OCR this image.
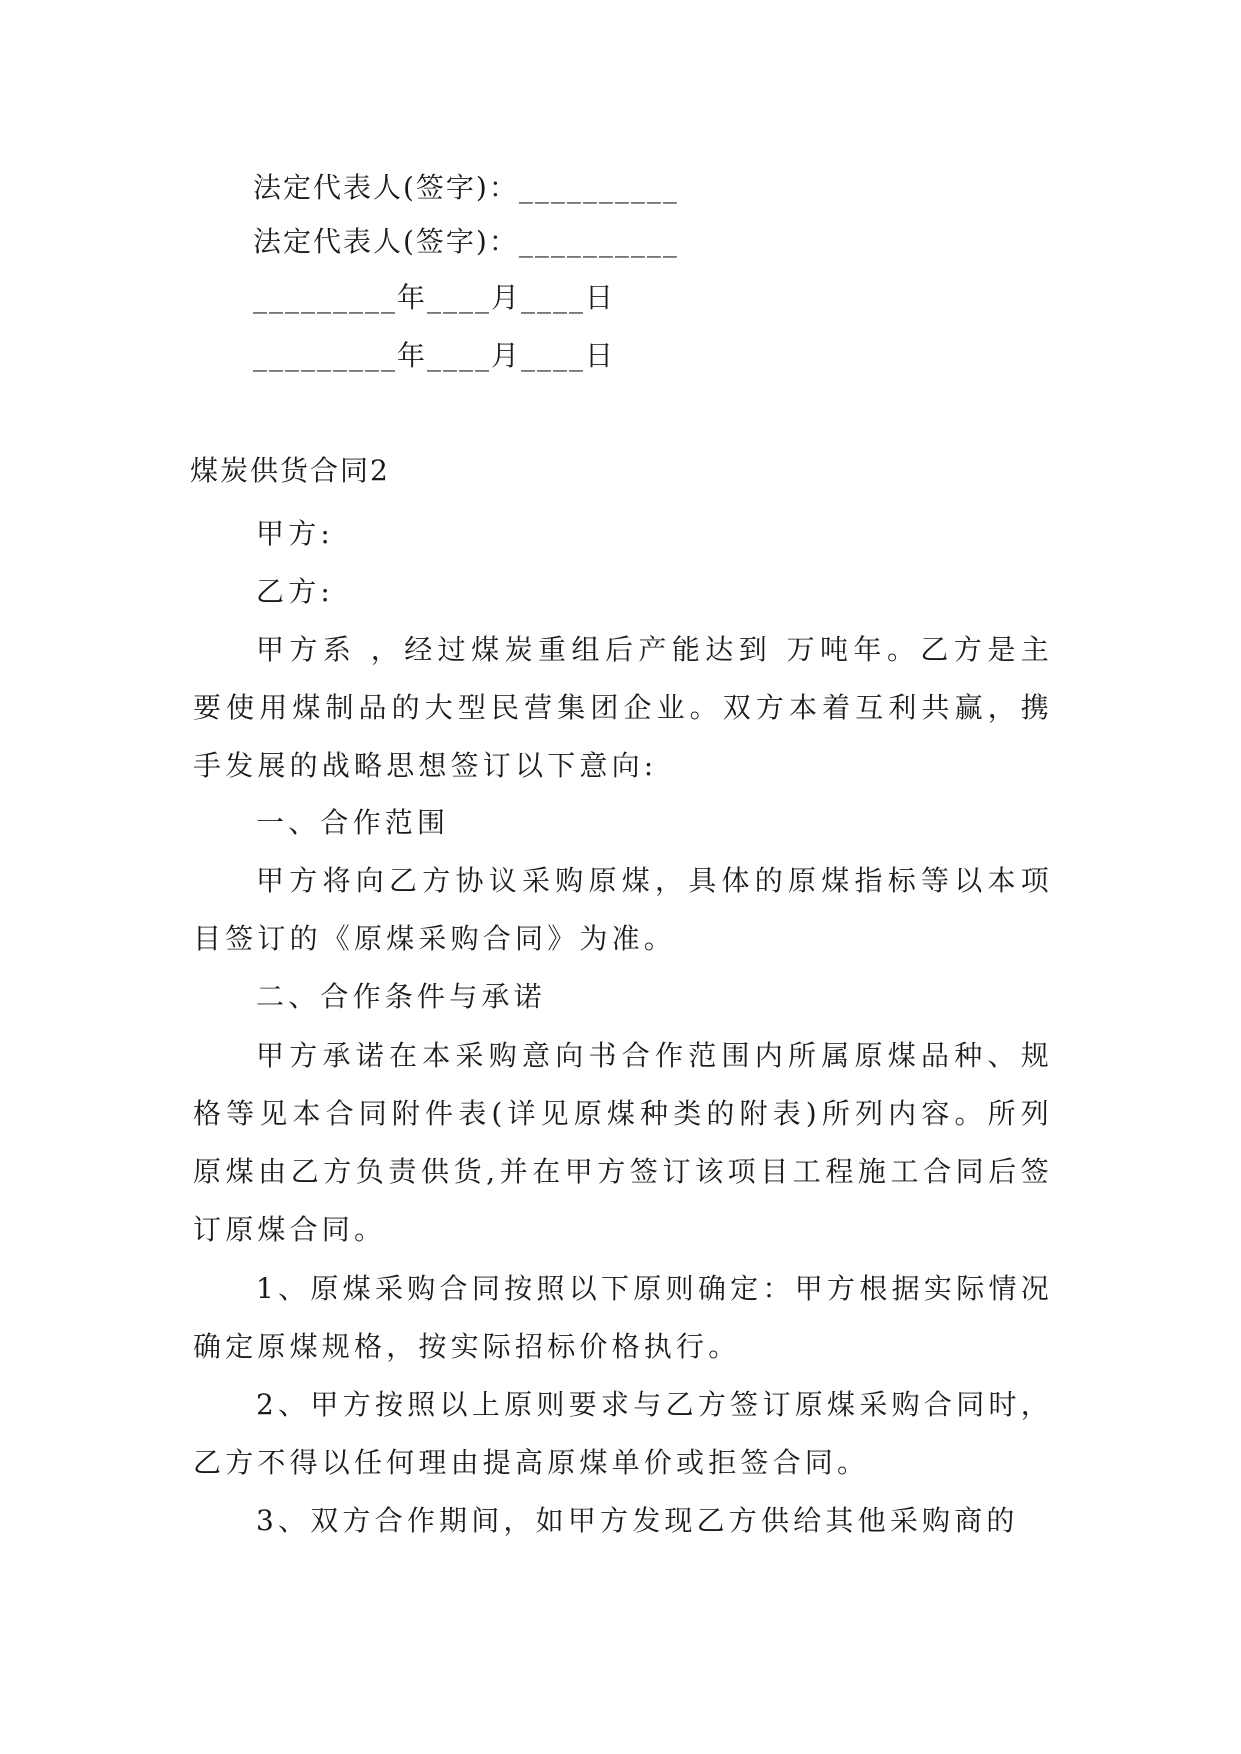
法定代表人(签字)：__________
法定代表人(签字)：__________
_________年____月____日
_________年____月____日
煤炭供货合同2
甲方:
乙方:

甲方系 ，经过煤炭重组后产能达到 万吨年。乙方是主要使用煤制品的大型民营集团企业。双方本着互利共赢，携手发展的战略思想签订以下意向:

一、合作范围

甲方将向乙方协议采购原煤，具体的原煤指标等以本项目签订的《原煤采购合同》为准。

二、合作条件与承诺

甲方承诺在本采购意向书合作范围内所属原煤品种、规格等见本合同附件表(详见原煤种类的附表)所列内容。所列原煤由乙方负责供货,并在甲方签订该项目工程施工合同后签订原煤合同。

1、原煤采购合同按照以下原则确定：甲方根据实际情况确定原煤规格，按实际招标价格执行。

2、甲方按照以上原则要求与乙方签订原煤采购合同时，乙方不得以任何理由提高原煤单价或拒签合同。

3、双方合作期间，如甲方发现乙方供给其他采购商的
